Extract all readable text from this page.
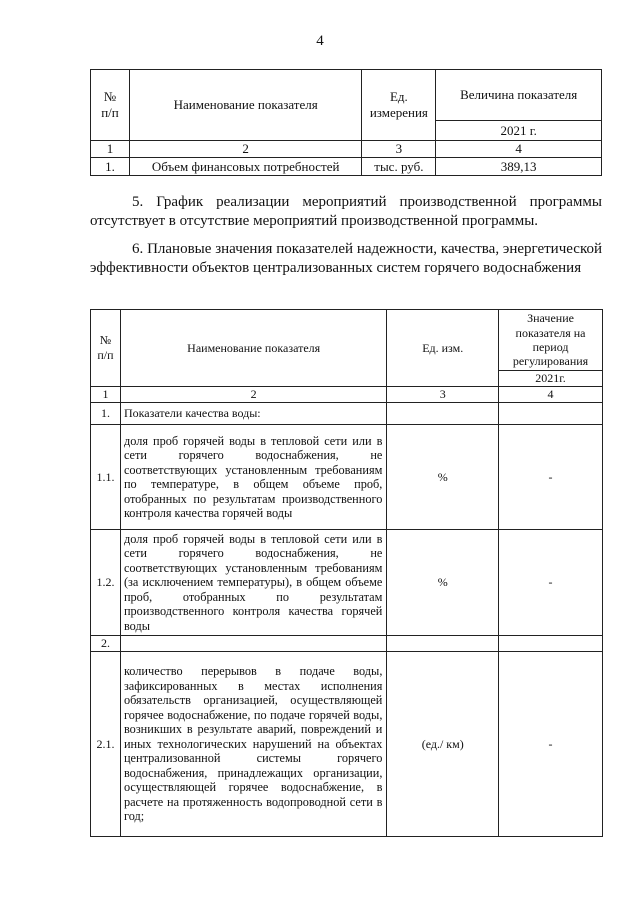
4
№ п/п	Наименование показателя	Ед. измерения	Величина показателя
			2021 г.
1	2	3	4
1.	Объем финансовых потребностей	тыс. руб.	389,13
5. График реализации мероприятий производственной программы отсутствует в отсутствие мероприятий производственной программы.
6. Плановые значения показателей надежности, качества, энергетической эффективности объектов централизованных систем горячего водоснабжения
№ п/п	Наименование показателя	Ед. изм.	Значение показателя на период регулирования
			2021г.
1	2	3	4
1.	Показатели качества воды:		
1.1.	доля проб горячей воды в тепловой сети или в сети горячего водоснабжения, не соответствующих установленным требованиям по температуре, в общем объеме проб, отобранных по результатам производственного контроля качества горячей воды	%	-
1.2.	доля проб горячей воды в тепловой сети или в сети горячего водоснабжения, не соответствующих установленным требованиям (за исключением температуры), в общем объеме проб, отобранных по результатам производственного контроля качества горячей воды	%	-
2.			
2.1.	количество перерывов в подаче воды, зафиксированных в местах исполнения обязательств организацией, осуществляющей горячее водоснабжение, по подаче горячей воды, возникших в результате аварий, повреждений и иных технологических нарушений на объектах централизованной системы горячего водоснабжения, принадлежащих организации, осуществляющей горячее водоснабжение, в расчете на протяженность водопроводной сети в год;	(ед./ км)	-
